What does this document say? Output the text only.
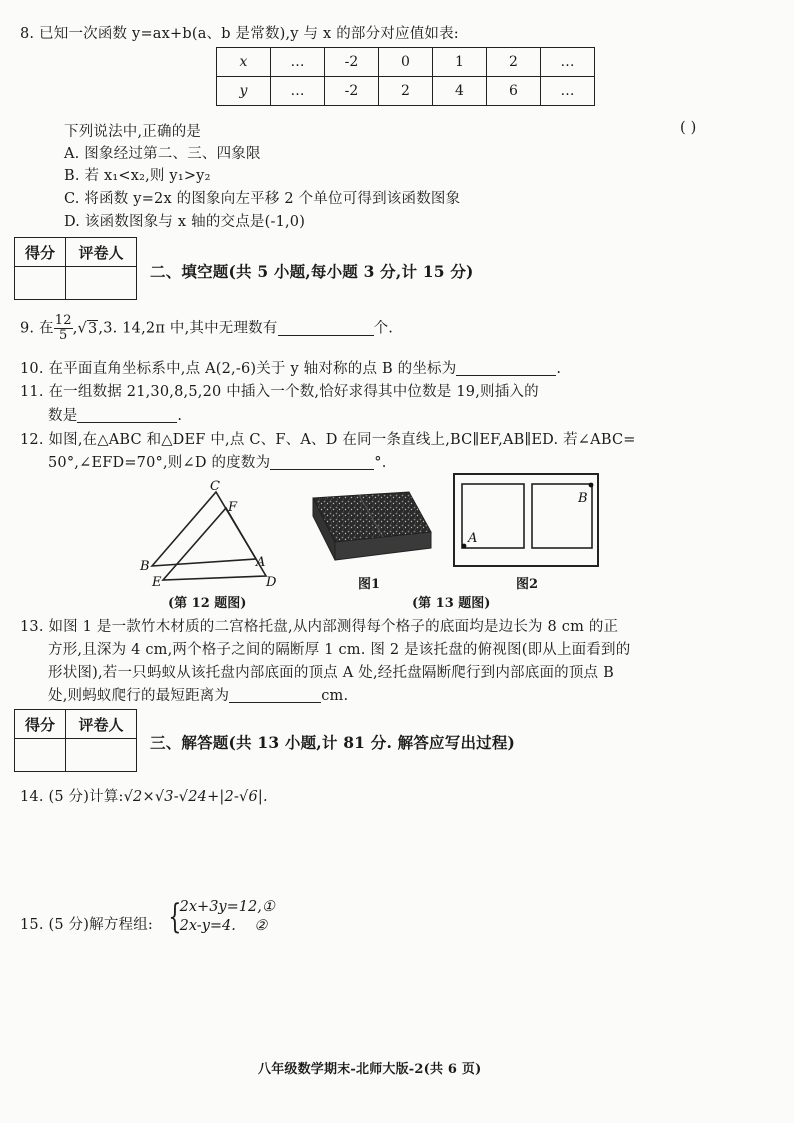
8. 已知一次函数 y=ax+b(a、b 是常数),y 与 x 的部分对应值如表:
x	…	-2	0	1	2	…
y	…	-2	2	4	6	…
下列说法中,正确的是	( )
A. 图象经过第二、三、四象限
B. 若 x₁<x₂,则 y₁>y₂
C. 将函数 y=2x 的图象向左平移 2 个单位可得到该函数图象
D. 该函数图象与 x 轴的交点是(-1,0)
得分	评卷人

二、填空题(共 5 小题,每小题 3 分,计 15 分)
9. 在 $\frac{12}{5} ,√3,3$. 14,2π 中,其中无理数有	个.
10. 在平面直角坐标系中,点 A(2,-6)关于 y 轴对称的点 B 的坐标为	.
11. 在一组数据 21,30,8,5,20 中插入一个数,恰好求得其中位数是 19,则插入的
数是	.
12. 如图,在△ABC 和△DEF 中,点 C、F、A、D 在同一条直线上,BC∥EF,AB∥ED. 若∠ABC=
50°,∠EFD=70°,则∠D 的度数为	°.
C
F
B	A
E	D
(第 12 题图)
图1
A
B
图2
(第 13 题图)
13. 如图 1 是一款竹木材质的二宫格托盘,从内部测得每个格子的底面均是边长为 8 cm 的正
方形,且深为 4 cm,两个格子之间的隔断厚 1 cm. 图 2 是该托盘的俯视图(即从上面看到的
形状图),若一只蚂蚁从该托盘内部底面的顶点 A 处,经托盘隔断爬行到内部底面的顶点 B
处,则蚂蚁爬行的最短距离为	cm.
得分	评卷人

三、解答题(共 13 小题,计 81 分. 解答应写出过程)
14. (5 分)计算:√2×√3-√24+|2-√6|.
15. (5 分)解方程组: {
2x+3y=12,①
2x-y=4.    ②
八年级数学期末-北师大版-2(共 6 页)
